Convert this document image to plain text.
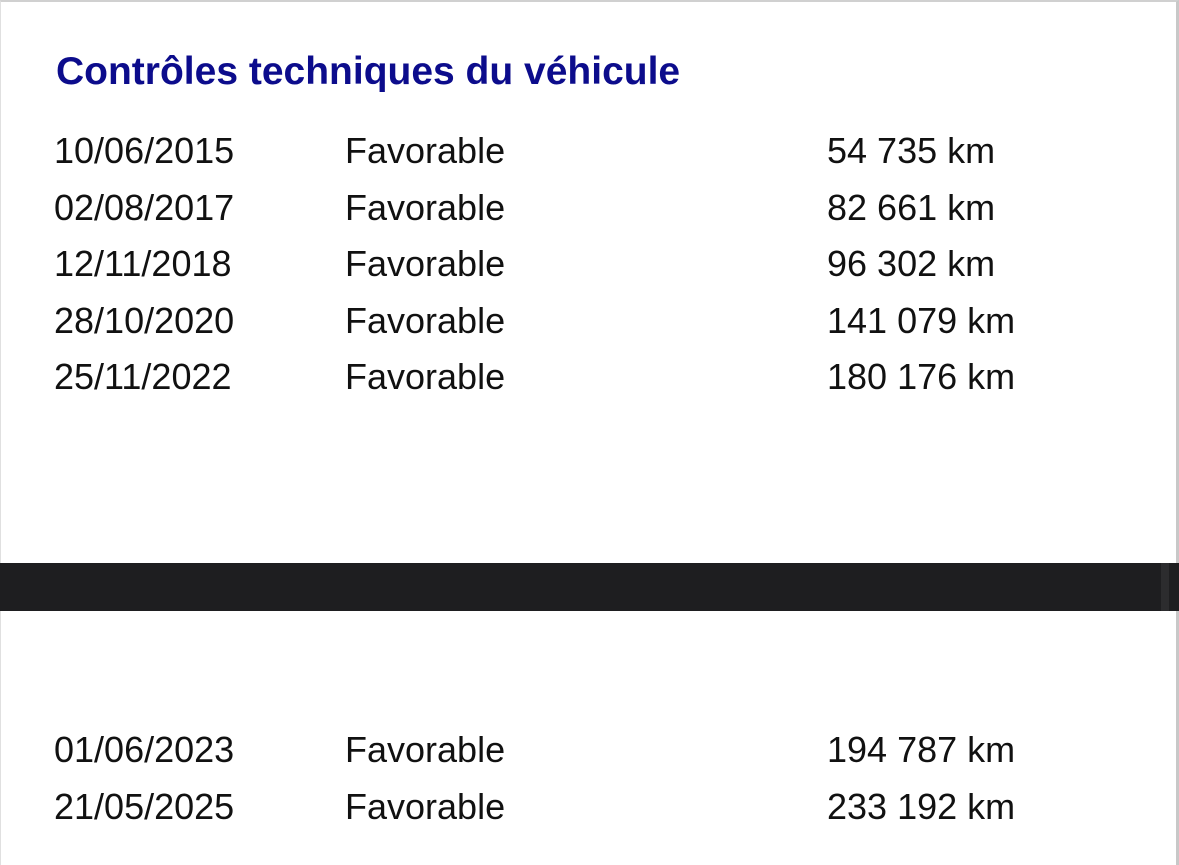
Contrôles techniques du véhicule
10/06/2015	Favorable	54 735 km
02/08/2017	Favorable	82 661 km
12/11/2018	Favorable	96 302 km
28/10/2020	Favorable	141 079 km
25/11/2022	Favorable	180 176 km
01/06/2023	Favorable	194 787 km
21/05/2025	Favorable	233 192 km
